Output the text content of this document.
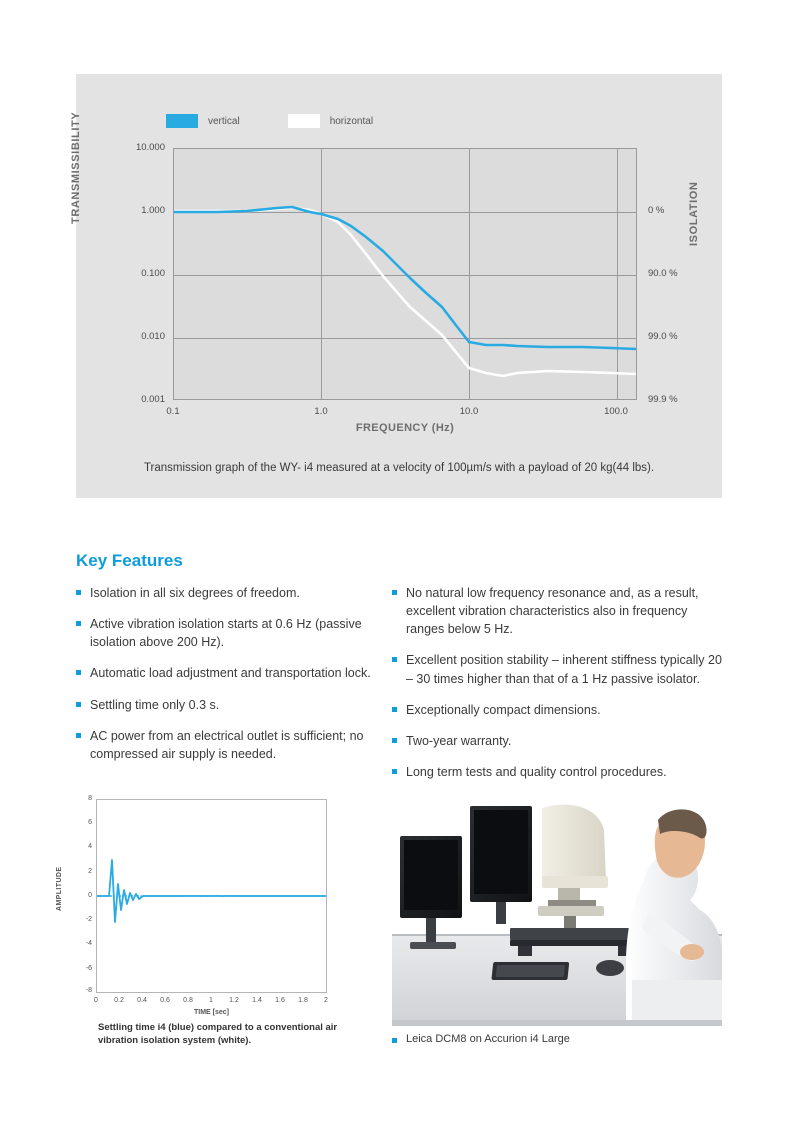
vertical	horizontal
TRANSMISSIBILITY	ISOLATION
FREQUENCY (Hz)
10.000
1.000
0.100
0.010
0.001
0 %
90.0 %
99.0 %
99.9 %
0.1	1.0	10.0	100.0
Transmission graph of the WY- i4 measured at a velocity of 100µm/s with a payload of 20 kg(44 lbs).
Key Features
Isolation in all six degrees of freedom.
Active vibration isolation starts at 0.6 Hz (passive isolation above 200 Hz).
Automatic load adjustment and transportation lock.
Settling time only 0.3 s.
AC power from an electrical outlet is sufficient; no compressed air supply is needed.
No natural low frequency resonance and, as a result, excellent vibration characteristics also in frequency ranges below 5 Hz.
Excellent position stability – inherent stiffness typically 20 – 30 times higher than that of a 1 Hz passive isolator.
Exceptionally compact dimensions.
Two-year warranty.
Long term tests and quality control procedures.
AMPLITUDE
TIME [sec]
8
6
4
2
0
-2
-4
-6
-8
0	0.2	0.4	0.6	0.8	1	1.2	1.4	1.6	1.8	2
Settling time i4 (blue) compared to a conventional air vibration isolation system (white).	Leica DCM8 on Accurion i4 Large
